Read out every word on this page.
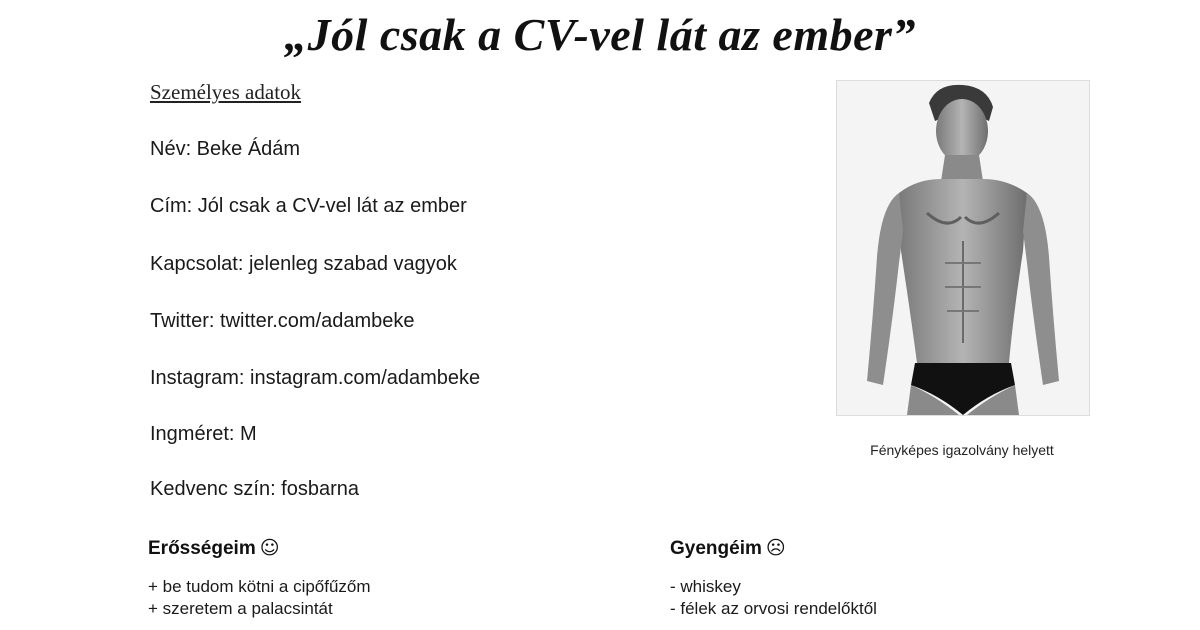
„Jól csak a CV-vel lát az ember”
Személyes adatok
Név: Beke Ádám
Cím: Jól csak a CV-vel lát az ember
Kapcsolat: jelenleg szabad vagyok
Twitter: twitter.com/adambeke
Instagram: instagram.com/adambeke
Ingméret: M
Kedvenc szín: fosbarna
Fényképes igazolvány helyett
Erősségeim ☺
+ be tudom kötni a cipőfűzőm
+ szeretem a palacsintát
Gyengéim ☹
- whiskey
- félek az orvosi rendelőktől
